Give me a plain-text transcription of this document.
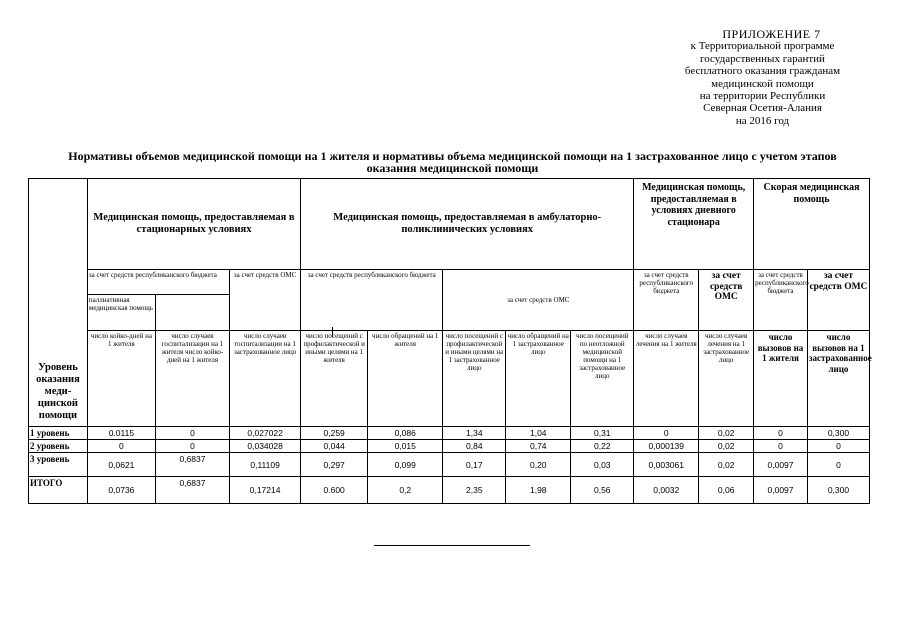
ПРИЛОЖЕНИЕ 7
к Территориальной программе
государственных гарантий
бесплатного оказания гражданам
медицинской помощи
на территории Республики
Северная Осетия-Алания
на 2016 год
Нормативы объемов медицинской помощи на 1 жителя и нормативы объема медицинской помощи на 1 застрахованное лицо с учетом этапов
оказания медицинской помощи
Уровень оказания меди-цинской помощи	Медицинская помощь, предоставляемая в стационарных условиях			Медицинская помощь, предоставляемая в амбулаторно-поликлинических условиях					Медицинская помощь, предоставляемая в условиях дневного стационара		Скорая медицинская помощь	
	за счет средств республиканского бюджета		за счет средств ОМС	за счет средств республиканского бюджета		за счет средств ОМС			за счет средств республиканского бюджета	за счет средств ОМС	за счет средств республиканского бюджета	за счет средств ОМС
	паллиативная медицинская помощь											
	число койко-дней на 1 жителя	число случаев госпитализации на 1 жителя число койко-дней на 1 жителя	число случаев госпитализации на 1 застрахованное лицо	число посещений с профилактической и иными целями на 1 жителя	число обращений на 1 жителя	число посещений с профилактической и иными целями на 1 застрахованное лицо	число обращений на 1 застрахованное лицо	число посещений по неотложной медицинской помощи на 1 застрахованное лицо	число случаев лечения на 1 жителя	число случаев лечения на 1 застрахованное лицо	число вызовов на 1 жителя	число вызовов на 1 застрахованное лицо
1 уровень	0.0115	0	0,027022	0,259	0,086	1,34	1,04	0,31	0	0,02	0	0,300
2 уровень	0	0	0,034028	0,044	0,015	0,84	0,74	0,22	0,000139	0,02	0	0
3 уровень	0,0621	0,6837	0,11109	0,297	0,099	0,17	0,20	0,03	0,003061	0,02	0,0097	0
ИТОГО	0,0736	0,6837	0,17214	0.600	0,2	2,35	1,98	0,56	0,0032	0,06	0,0097	0,300
